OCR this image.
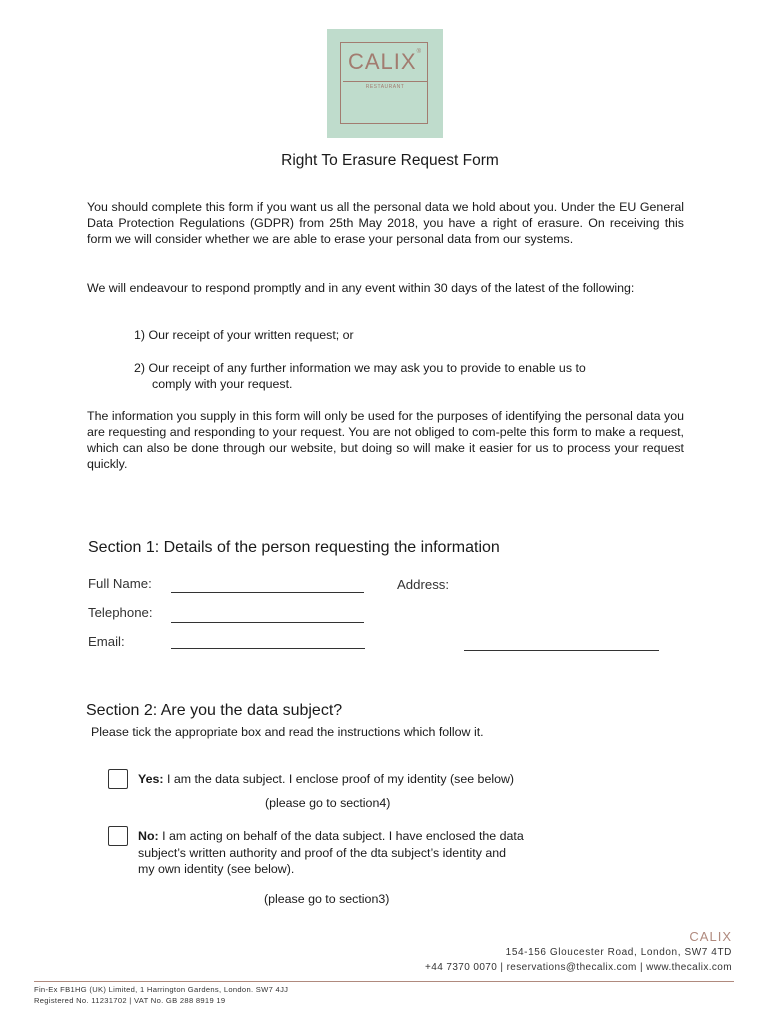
CALIX®
RESTAURANT
Right To Erasure Request Form
You should complete this form if you want us all the personal data we hold about you. Under the EU General Data Protection Regulations (GDPR) from 25th May 2018, you have a right of erasure. On receiving this form we will consider whether we are able to erase your personal data from our systems.
We will endeavour to respond promptly and in any event within 30 days of the latest of the following:
1) Our receipt of your written request; or
2) Our receipt of any further information we may ask you to provide to enable us to
comply with your request.
The information you supply in this form will only be used for the purposes of identifying the personal data you are requesting and responding to your request. You are not obliged to com-pelte this form to make a request, which can also be done through our website, but doing so will make it easier for us to process your request quickly.
Section 1: Details of the person requesting the information
Full Name:	Address:
Telephone:
Email:
Section 2: Are you the data subject?
Please tick the appropriate box and read the instructions which follow it.
Yes: I am the data subject. I enclose proof of my identity (see below)
(please go to section4)
No: I am acting on behalf of the data subject. I have enclosed the data
subject’s written authority and proof of the dta subject’s identity and
my own identity (see below).
(please go to section3)
CALIX
154-156 Gloucester Road, London, SW7 4TD
+44 7370 0070 | reservations@thecalix.com | www.thecalix.com
Fin-Ex FB1HG (UK) Limited, 1 Harrington Gardens, London. SW7 4JJ
Registered No. 11231702 | VAT No. GB 288 8919 19
